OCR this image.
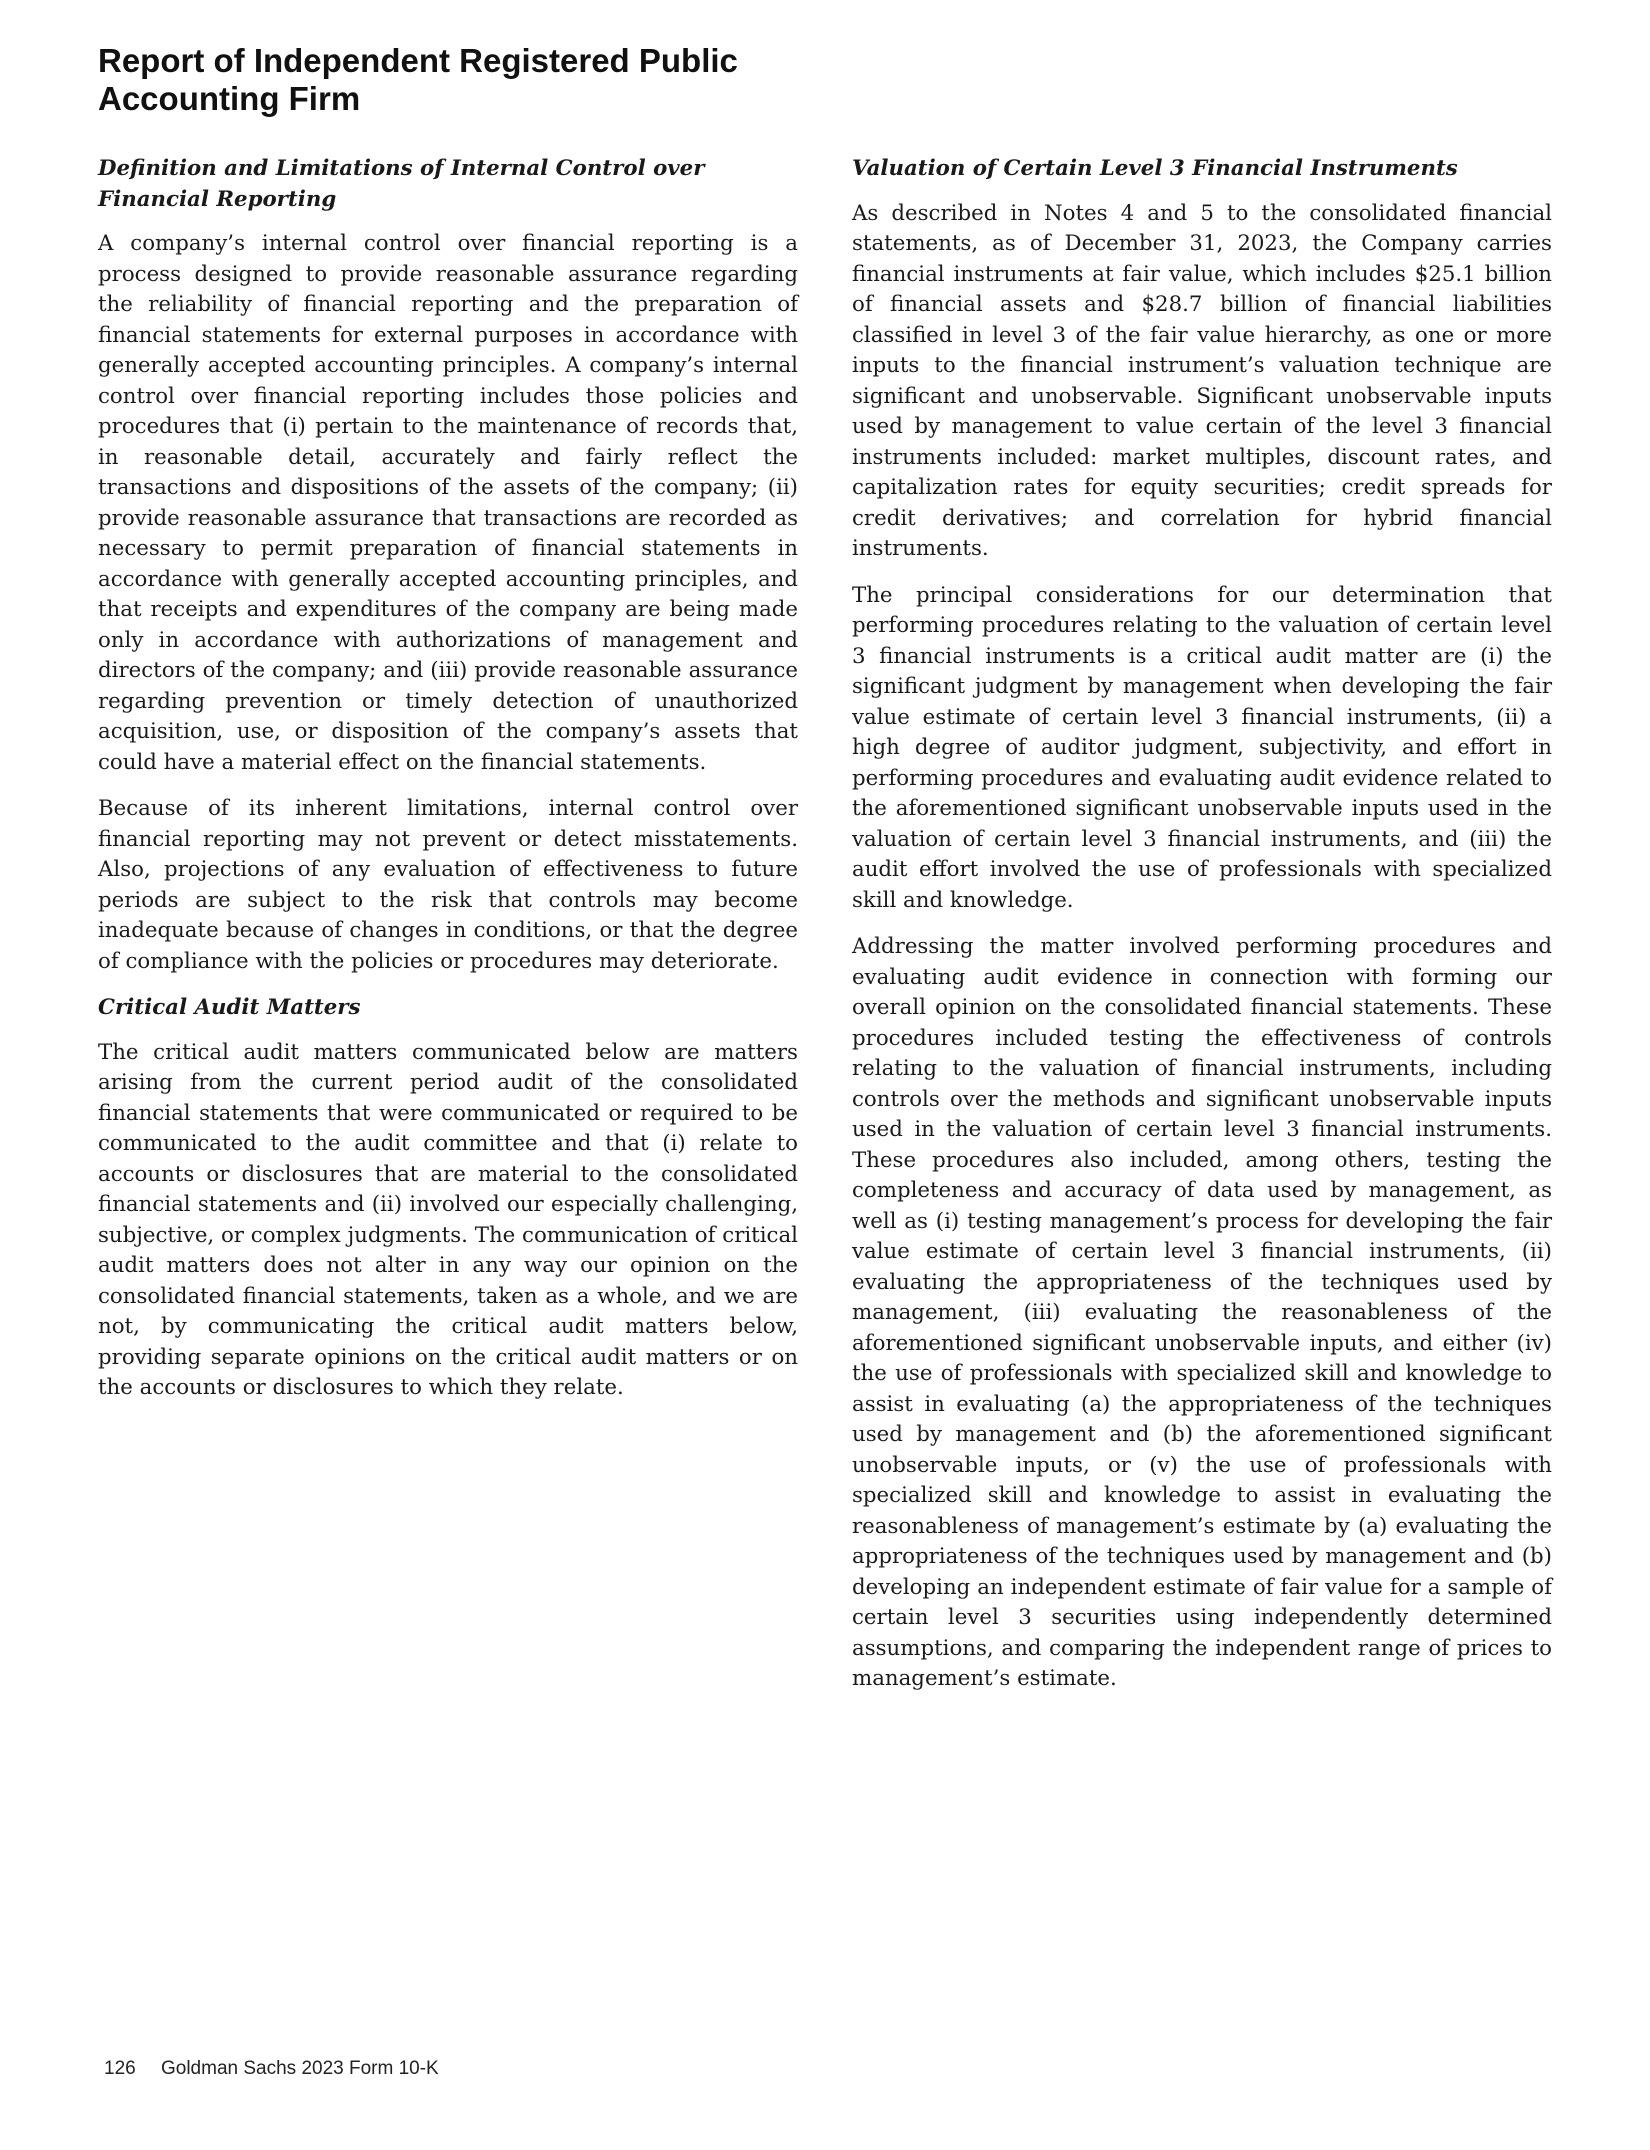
Report of Independent Registered Public Accounting Firm
Definition and Limitations of Internal Control over Financial Reporting

A company’s internal control over financial reporting is a process designed to provide reasonable assurance regarding the reliability of financial reporting and the preparation of financial statements for external purposes in accordance with generally accepted accounting principles. A company’s internal control over financial reporting includes those policies and procedures that (i) pertain to the maintenance of records that, in reasonable detail, accurately and fairly reflect the transactions and dispositions of the assets of the company; (ii) provide reasonable assurance that transactions are recorded as necessary to permit preparation of financial statements in accordance with generally accepted accounting principles, and that receipts and expenditures of the company are being made only in accordance with authorizations of management and directors of the company; and (iii) provide reasonable assurance regarding prevention or timely detection of unauthorized acquisition, use, or disposition of the company’s assets that could have a material effect on the financial statements.

Because of its inherent limitations, internal control over financial reporting may not prevent or detect misstatements. Also, projections of any evaluation of effectiveness to future periods are subject to the risk that controls may become inadequate because of changes in conditions, or that the degree of compliance with the policies or procedures may deteriorate.

Critical Audit Matters

The critical audit matters communicated below are matters arising from the current period audit of the consolidated financial statements that were communicated or required to be communicated to the audit committee and that (i) relate to accounts or disclosures that are material to the consolidated financial statements and (ii) involved our especially challenging, subjective, or complex judgments. The communication of critical audit matters does not alter in any way our opinion on the consolidated financial statements, taken as a whole, and we are not, by communicating the critical audit matters below, providing separate opinions on the critical audit matters or on the accounts or disclosures to which they relate.

Valuation of Certain Level 3 Financial Instruments

As described in Notes 4 and 5 to the consolidated financial statements, as of December 31, 2023, the Company carries financial instruments at fair value, which includes $25.1 billion of financial assets and $28.7 billion of financial liabilities classified in level 3 of the fair value hierarchy, as one or more inputs to the financial instrument’s valuation technique are significant and unobservable. Significant unobservable inputs used by management to value certain of the level 3 financial instruments included: market multiples, discount rates, and capitalization rates for equity securities; credit spreads for credit derivatives; and correlation for hybrid financial instruments.

The principal considerations for our determination that performing procedures relating to the valuation of certain level 3 financial instruments is a critical audit matter are (i) the significant judgment by management when developing the fair value estimate of certain level 3 financial instruments, (ii) a high degree of auditor judgment, subjectivity, and effort in performing procedures and evaluating audit evidence related to the aforementioned significant unobservable inputs used in the valuation of certain level 3 financial instruments, and (iii) the audit effort involved the use of professionals with specialized skill and knowledge.

Addressing the matter involved performing procedures and evaluating audit evidence in connection with forming our overall opinion on the consolidated financial statements. These procedures included testing the effectiveness of controls relating to the valuation of financial instruments, including controls over the methods and significant unobservable inputs used in the valuation of certain level 3 financial instruments. These procedures also included, among others, testing the completeness and accuracy of data used by management, as well as (i) testing management’s process for developing the fair value estimate of certain level 3 financial instruments, (ii) evaluating the appropriateness of the techniques used by management, (iii) evaluating the reasonableness of the aforementioned significant unobservable inputs, and either (iv) the use of professionals with specialized skill and knowledge to assist in evaluating (a) the appropriateness of the techniques used by management and (b) the aforementioned significant unobservable inputs, or (v) the use of professionals with specialized skill and knowledge to assist in evaluating the reasonableness of management’s estimate by (a) evaluating the appropriateness of the techniques used by management and (b) developing an independent estimate of fair value for a sample of certain level 3 securities using independently determined assumptions, and comparing the independent range of prices to management’s estimate.

126 Goldman Sachs 2023 Form 10-K
